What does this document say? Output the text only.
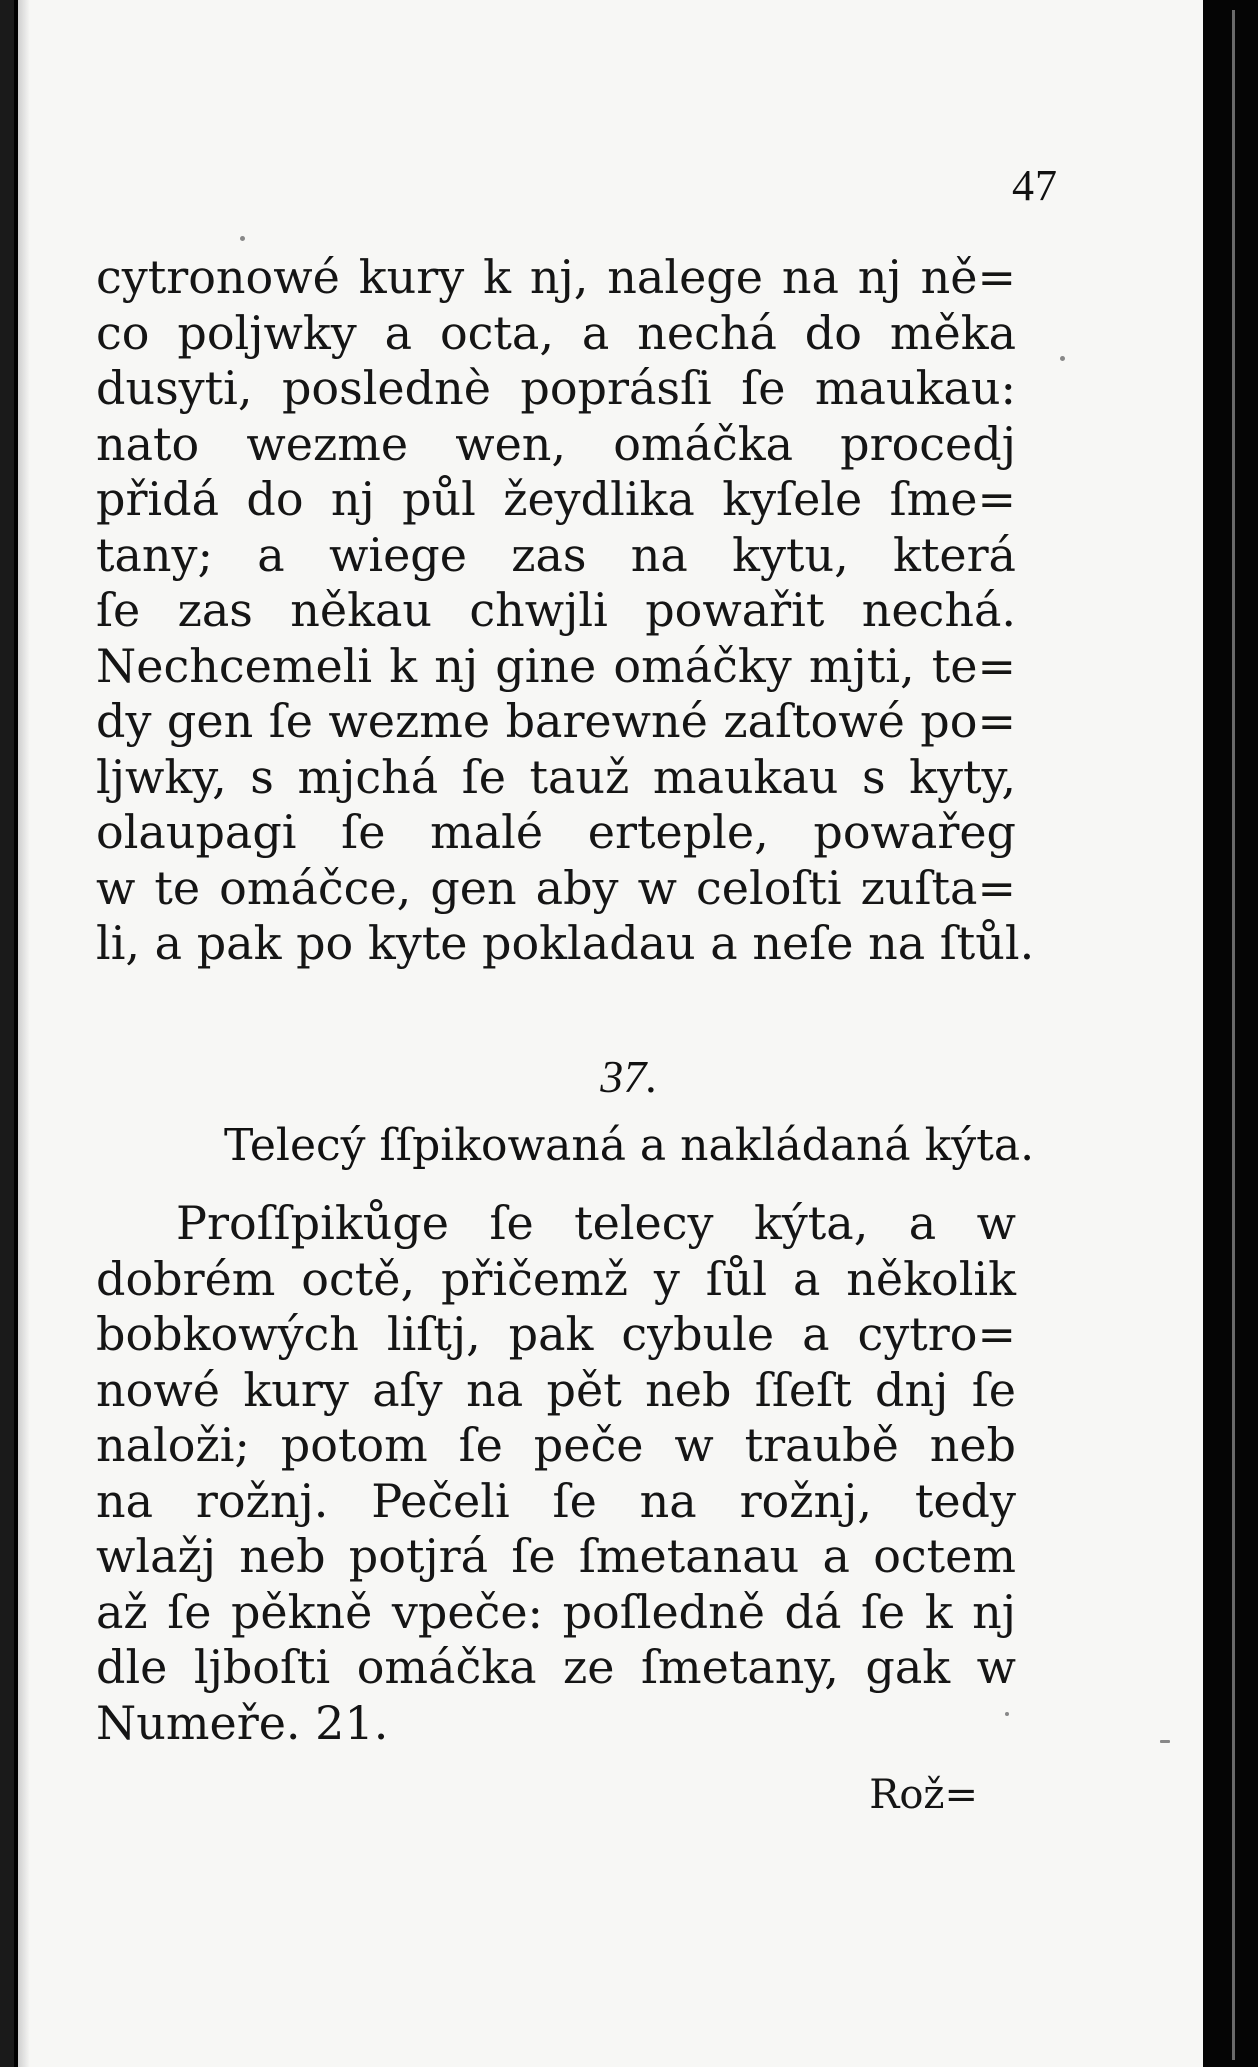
47
cytronowé kury k nj, nalege na nj ně=
co poljwky a octa, a nechá do měka
dusyti, poslednè poprásſi ſe maukau:
nato wezme wen, omáčka procedj
přidá do nj půl žeydlika kyſele ſme=
tany; a wiege zas na kytu, která
ſe zas někau chwjli powařit nechá.
Nechcemeli k nj gine omáčky mjti, te=
dy gen ſe wezme barewné zaſtowé po=
ljwky, s mjchá ſe tauž maukau s kyty,
olaupagi ſe malé erteple, powařeg
w te omáčce, gen aby w celoſti zuſta=
li, a pak po kyte pokladau a neſe na ſtůl.
37.
Telecý ſſpikowaná a nakládaná kýta.
Proſſpikůge ſe telecy kýta, a w
dobrém octě, přičemž y ſůl a několik
bobkowých liſtj, pak cybule a cytro=
nowé kury aſy na pět neb ſſeſt dnj ſe
naloži; potom ſe peče w traubě neb
na rožnj. Pečeli ſe na rožnj, tedy
wlažj neb potjrá ſe ſmetanau a octem
až ſe pěkně vpeče: poſledně dá ſe k nj
dle ljboſti omáčka ze ſmetany, gak w
Numeře. 21.
Rož=
